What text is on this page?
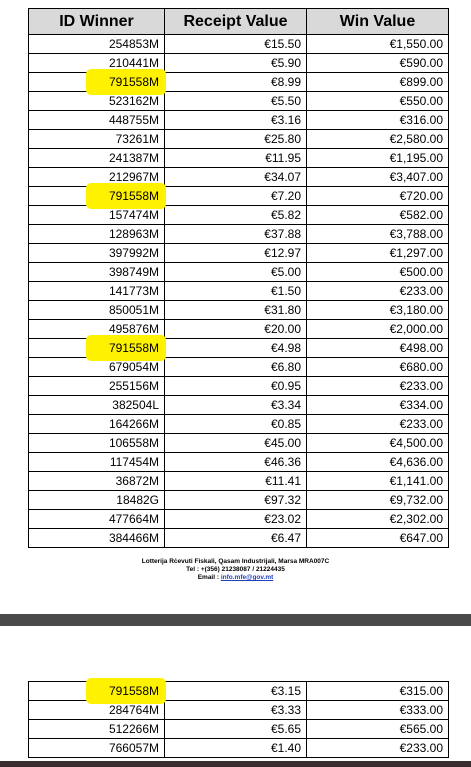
ID Winner	Receipt Value	Win Value
254853M	€15.50	€1,550.00
210441M	€5.90	€590.00

791558M	€8.99	€899.00
523162M	€5.50	€550.00
448755M	€3.16	€316.00
73261M	€25.80	€2,580.00
241387M	€11.95	€1,195.00
212967M	€34.07	€3,407.00

791558M	€7.20	€720.00
157474M	€5.82	€582.00
128963M	€37.88	€3,788.00
397992M	€12.97	€1,297.00
398749M	€5.00	€500.00
141773M	€1.50	€233.00
850051M	€31.80	€3,180.00
495876M	€20.00	€2,000.00

791558M	€4.98	€498.00
679054M	€6.80	€680.00
255156M	€0.95	€233.00
382504L	€3.34	€334.00
164266M	€0.85	€233.00
106558M	€45.00	€4,500.00
117454M	€46.36	€4,636.00
36872M	€11.41	€1,141.00
18482G	€97.32	€9,732.00
477664M	€23.02	€2,302.00
384466M	€6.47	€647.00
Lotterija Rċevuti Fiskali, Qasam Industrijali, Marsa MRA007C
Tel : +(356) 21238087 / 21224435
Email : info.mfe@gov.mt
791558M	€3.15	€315.00
284764M	€3.33	€333.00
512266M	€5.65	€565.00
766057M	€1.40	€233.00
